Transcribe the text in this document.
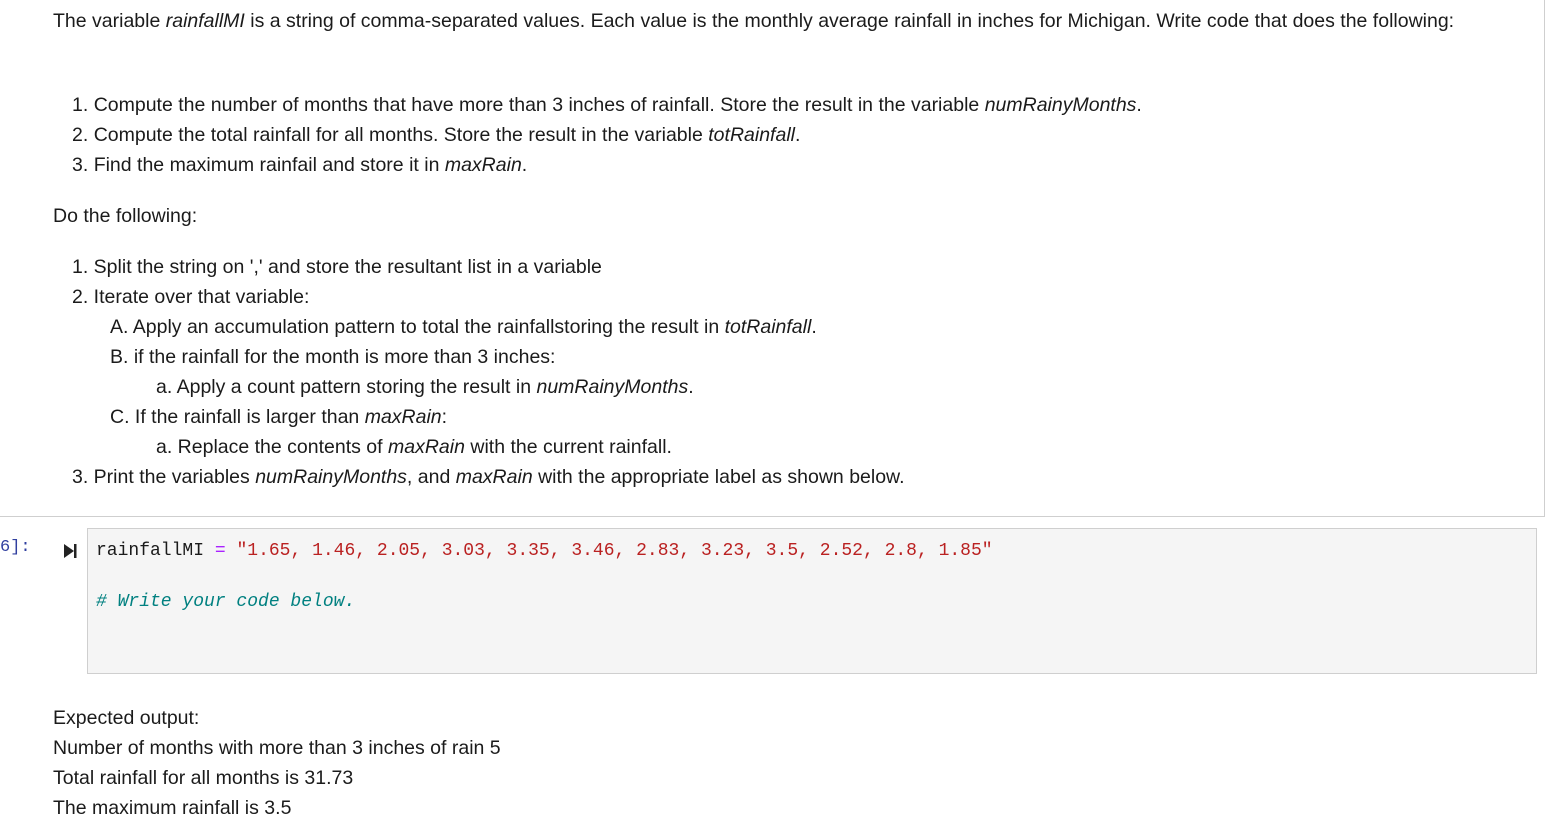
The variable rainfallMI is a string of comma-separated values. Each value is the monthly average rainfall in inches for Michigan. Write code that does the following:

1. Compute the number of months that have more than 3 inches of rainfall. Store the result in the variable numRainyMonths.
2. Compute the total rainfall for all months. Store the result in the variable totRainfall.
3. Find the maximum rainfail and store it in maxRain.

Do the following:

1. Split the string on ',' and store the resultant list in a variable
2. Iterate over that variable:
A. Apply an accumulation pattern to total the rainfallstoring the result in totRainfall.
B. if the rainfall for the month is more than 3 inches:
a. Apply a count pattern storing the result in numRainyMonths.
C. If the rainfall is larger than maxRain:
a. Replace the contents of maxRain with the current rainfall.
3. Print the variables numRainyMonths, and maxRain with the appropriate label as shown below.
6]:	rainfallMI = "1.65, 1.46, 2.05, 3.03, 3.35, 3.46, 2.83, 3.23, 3.5, 2.52, 2.8, 1.85"
# Write your code below.
Expected output:
Number of months with more than 3 inches of rain 5
Total rainfall for all months is 31.73
The maximum rainfall is 3.5
